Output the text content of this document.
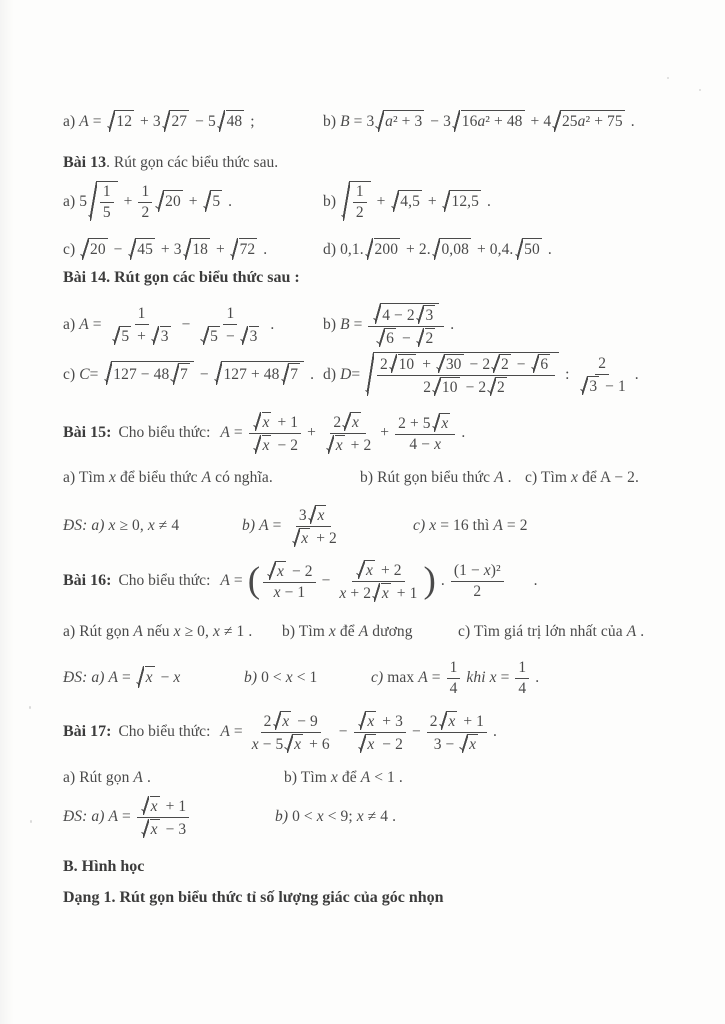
a) A = 12 + 3 27 − 5 48 ;	b) B = 3 a² + 3 − 3 16a² + 48 + 4 25a² + 75 .
Bài 13 . Rút gọn các biểu thức sau.
a) $5 \frac{1}{5} + \frac{1}{2} 20 + 5$ .	$b) \frac{1}{2} + 4,5 + 12,5$ .
c) 20 − 45 + 3 18 + 72 .	d) 0,1. 200 + 2. 0,08 + 0,4. 50 .
Bài 14. Rút gọn các biểu thức sau :
a) $A = \frac{1}{5 + 3} - \frac{1}{5 - 3}$ .	b) $B = \frac{4 - 2 3}{6 - 2}$ .
c) C= 127 − 48 7 − 127 + 48 7 . d) $D= \frac{2 10 + 30 - 2 2 - 6}{2 10 - 2 2}$ : $\frac{2}{3 - 1}$ .
Bài 15: Cho biểu thức: $A = \frac{x + 1}{x - 2} + \frac{2 x}{x + 2} + \frac{2 + 5 x}{4 - x}$ .
a) Tìm x để biểu thức A có nghĩa.	b) Rút gọn biểu thức A . c) Tìm x để A − 2.
ĐS: a) x ≥ 0, x ≠ 4	b) $A = \frac{3 x}{x + 2}$	c) x = 16 thì A = 2
Bài 16: Cho biểu thức: A = ( $\frac{x - 2}{x - 1} - \frac{x + 2}{x + 2 x + 1}$ ) . $\frac{\text{(1 − x)²}}{2}$ .
a) Rút gọn A nếu x ≥ 0, x ≠ 1 .	b) Tìm x để A dương	c) Tìm giá trị lớn nhất của A .
ĐS: a) A = x − x	b) 0 < x < 1	c) $\max A = \frac{1}{4}$ khi $x = \frac{1}{4}$ .
Bài 17: Cho biểu thức: $A = \frac{2 x - 9}{x - 5 x + 6} - \frac{x + 3}{x - 2} - \frac{2 x + 1}{3 - x}$ .
a) Rút gọn A .	b) Tìm x để A < 1 .
ĐS: a) $A = \frac{x + 1}{x - 3}$	b) 0 < x < 9; x ≠ 4 .
B. Hình học
Dạng 1. Rút gọn biểu thức tỉ số lượng giác của góc nhọn
